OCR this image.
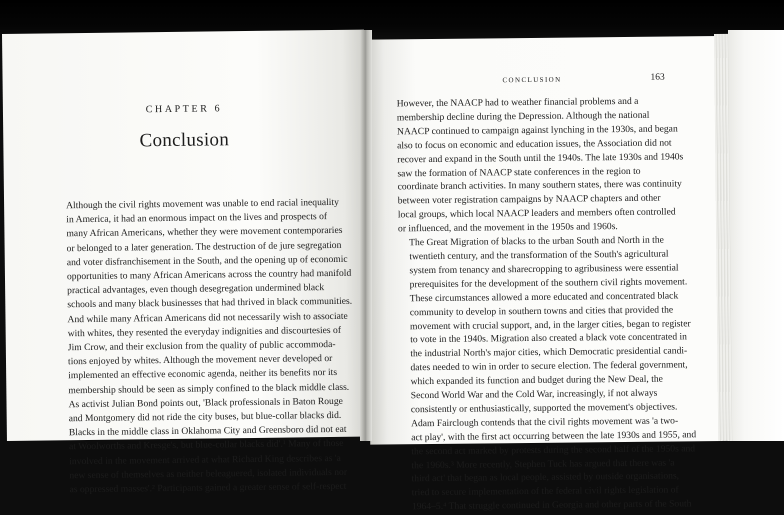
CHAPTER 6
Conclusion

Although the civil rights movement was unable to end racial inequality
in America, it had an enormous impact on the lives and prospects of
many African Americans, whether they were movement contemporaries
or belonged to a later generation. The destruction of de jure segregation
and voter disfranchisement in the South, and the opening up of economic
opportunities to many African Americans across the country had manifold
practical advantages, even though desegregation undermined black
schools and many black businesses that had thrived in black communities.
And while many African Americans did not necessarily wish to associate
with whites, they resented the everyday indignities and discourtesies of
Jim Crow, and their exclusion from the quality of public accommoda-
tions enjoyed by whites. Although the movement never developed or
implemented an effective economic agenda, neither its benefits nor its
membership should be seen as simply confined to the black middle class.
As activist Julian Bond points out, 'Black professionals in Baton Rouge
and Montgomery did not ride the city buses, but blue-collar blacks did.
Blacks in the middle class in Oklahoma City and Greensboro did not eat
at Woolworths and Kresge's, but blue-collar blacks did'.¹ Many of those
involved in the movement arrived at what Richard King describes as 'a
new sense of themselves as neither beleaguered, isolated individuals nor
as oppressed masses'.² Participants gained a greater sense of self-respect

CONCLUSION	163

However, the NAACP had to weather financial problems and a
membership decline during the Depression. Although the national
NAACP continued to campaign against lynching in the 1930s, and began
also to focus on economic and education issues, the Association did not
recover and expand in the South until the 1940s. The late 1930s and 1940s
saw the formation of NAACP state conferences in the region to
coordinate branch activities. In many southern states, there was continuity
between voter registration campaigns by NAACP chapters and other
local groups, which local NAACP leaders and members often controlled
or influenced, and the movement in the 1950s and 1960s.

The Great Migration of blacks to the urban South and North in the
twentieth century, and the transformation of the South's agricultural
system from tenancy and sharecropping to agribusiness were essential
prerequisites for the development of the southern civil rights movement.
These circumstances allowed a more educated and concentrated black
community to develop in southern towns and cities that provided the
movement with crucial support, and, in the larger cities, began to register
to vote in the 1940s. Migration also created a black vote concentrated in
the industrial North's major cities, which Democratic presidential candi-
dates needed to win in order to secure election. The federal government,
which expanded its function and budget during the New Deal, the
Second World War and the Cold War, increasingly, if not always
consistently or enthusiastically, supported the movement's objectives.

Adam Fairclough contends that the civil rights movement was 'a two-
act play', with the first act occurring between the late 1930s and 1955, and
the second act marked by protests during the second half of the 1950s and
the 1960s.³ More recently, Stephen Tuck has argued that there was 'a
third act' that began as local people, assisted by outside organisations,
tried to secure implementation of the federal civil rights legislation of
1964–5.⁴ That struggle continued in Georgia and other parts of the South
